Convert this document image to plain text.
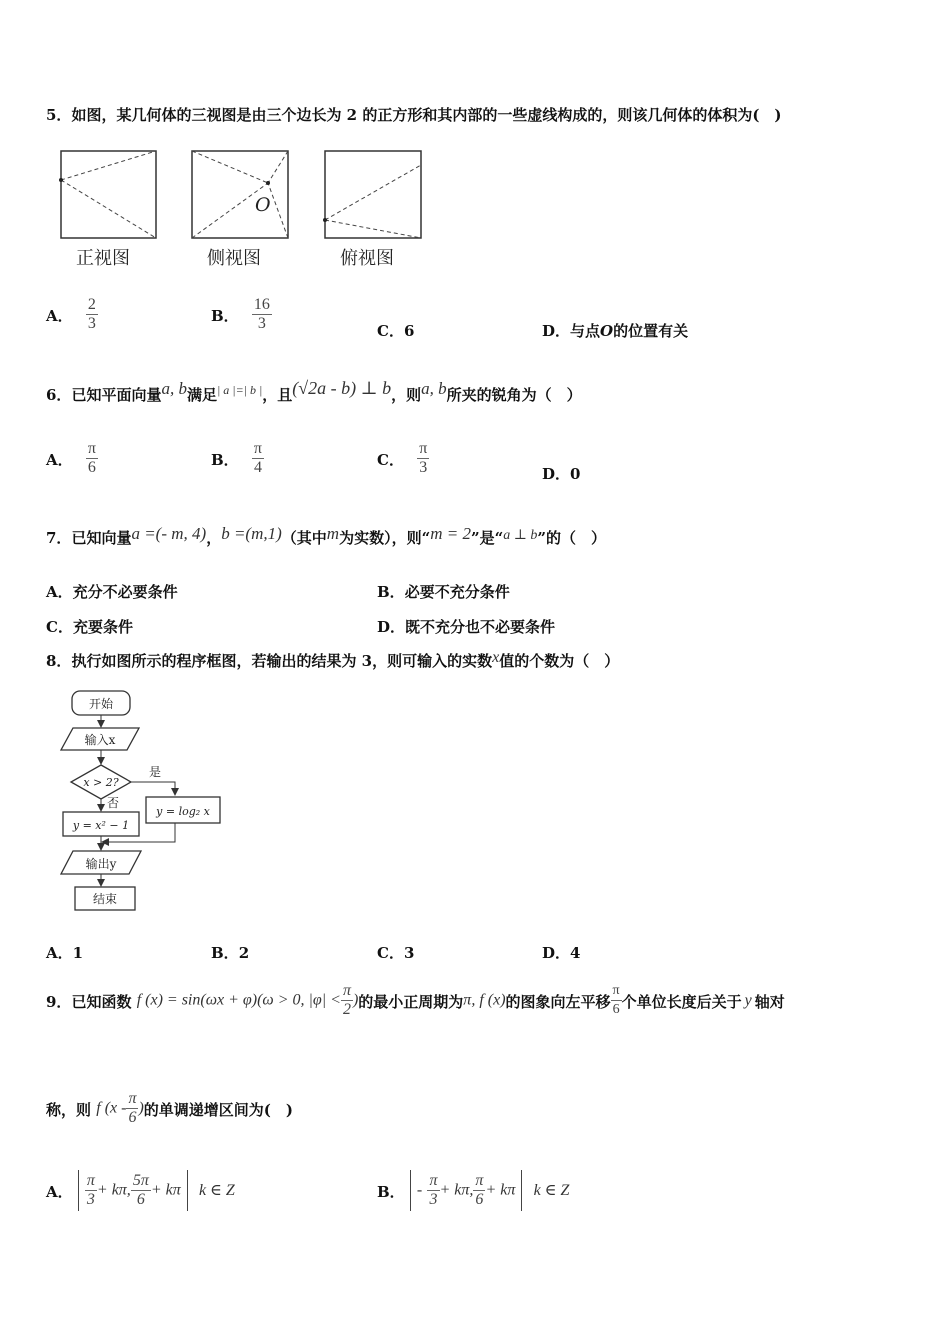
5．如图，某几何体的三视图是由三个边长为 2 的正方形和其内部的一些虚线构成的，则该几何体的体积为(　)
O
正视图	侧视图	俯视图
A． $\frac{2}{3}$	B． $\frac{16}{3}$	C．6	D．与点O的位置有关
6．已知平面向量a, b满足$^{| a |=| b |}$，且(√2a - b) ⊥ b，则a, b所夹的锐角为（　）
A． $\frac{\pi}{6}$	B． $\frac{\pi}{4}$	C． $\frac{\pi}{3}$	D．0
7．已知向量a =(- m, 4)，b =(m,1)（其中m为实数），则“m = 2”是“a ⊥ b”的（　）
A．充分不必要条件	B．必要不充分条件
C．充要条件	D．既不充分也不必要条件
8．执行如图所示的程序框图，若输出的结果为 3，则可输入的实数x值的个数为（　）
开始
输入x
x > 2?
是
否
y = x² − 1
y = log₂ x
输出y
结束
A．1	B．2	C．3	D．4
9．已知函数 f (x) = sin(ωx + φ)(ω > 0, $|\varphi| < \frac{\pi}{2}$ )的最小正周期为π, f (x)的图象向左平移 $\frac{\pi}{6}$ 个单位长度后关于 y 轴对
称，则 f ($x - \frac{\pi}{6}$ )的单调递增区间为(　)
A． $\frac{\pi}{3} + k\pi$, $\frac{5\pi}{6} + k\pi$ k ∈ Z	B． - $\frac{\pi}{3} + k\pi$, $\frac{\pi}{6} + k\pi$ k ∈ Z
